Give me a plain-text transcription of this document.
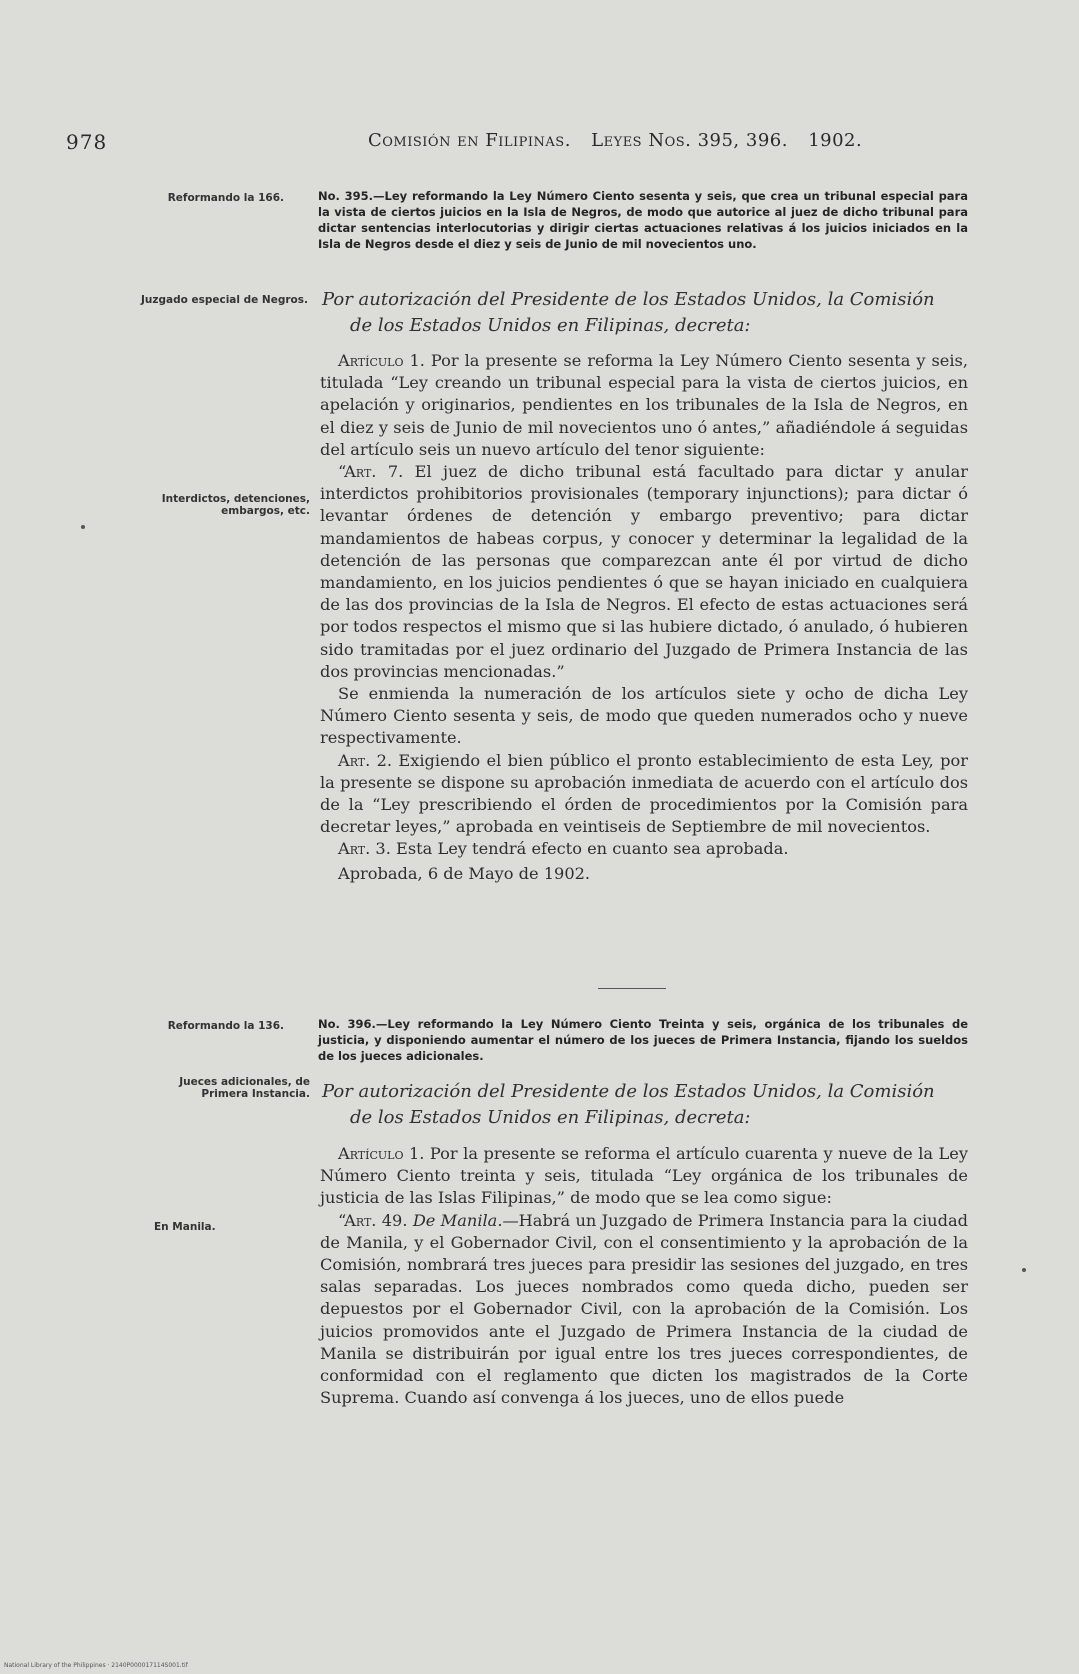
978	Comisión en Filipinas. Leyes Nos. 395, 396. 1902.
Reformando la 166.	No. 395.—Ley reformando la Ley Número Ciento sesenta y seis, que crea un tribunal especial para la vista de ciertos juicios en la Isla de Negros, de modo que autorice al juez de dicho tribunal para dictar sentencias interlocutorias y dirigir ciertas actuaciones relativas á los juicios iniciados en la Isla de Negros desde el diez y seis de Junio de mil novecientos uno.
Juzgado especial de Negros. Por autorización del Presidente de los Estados Unidos, la Comisión
de los Estados Unidos en Filipinas, decreta:
Interdictos, detenciones, embargos, etc.

Artículo 1. Por la presente se reforma la Ley Número Ciento sesenta y seis, titulada “Ley creando un tribunal especial para la vista de ciertos juicios, en apelación y originarios, pendientes en los tribunales de la Isla de Negros, en el diez y seis de Junio de mil novecientos uno ó antes,” añadiéndole á seguidas del artículo seis un nuevo artículo del tenor siguiente:

“Art. 7. El juez de dicho tribunal está facultado para dictar y anular interdictos prohibitorios provisionales (temporary injunctions); para dictar ó levantar órdenes de detención y embargo preventivo; para dictar mandamientos de habeas corpus, y conocer y determinar la legalidad de la detención de las personas que comparezcan ante él por virtud de dicho mandamiento, en los juicios pendientes ó que se hayan iniciado en cualquiera de las dos provincias de la Isla de Negros. El efecto de estas actuaciones será por todos respectos el mismo que si las hubiere dictado, ó anulado, ó hubieren sido tramitadas por el juez ordinario del Juzgado de Primera Instancia de las dos provincias mencionadas.”

Se enmienda la numeración de los artículos siete y ocho de dicha Ley Número Ciento sesenta y seis, de modo que queden numerados ocho y nueve respectivamente.

Art. 2. Exigiendo el bien público el pronto establecimiento de esta Ley, por la presente se dispone su aprobación inmediata de acuerdo con el artículo dos de la “Ley prescribiendo el órden de procedimientos por la Comisión para decretar leyes,” aprobada en veintiseis de Septiembre de mil novecientos.

Art. 3. Esta Ley tendrá efecto en cuanto sea aprobada.

Aprobada, 6 de Mayo de 1902.

Reformando la 136.	No. 396.—Ley reformando la Ley Número Ciento Treinta y seis, orgánica de los tribunales de justicia, y disponiendo aumentar el número de los jueces de Primera Instancia, fijando los sueldos de los jueces adicionales.
Jueces adicionales, de Primera Instancia. Por autorización del Presidente de los Estados Unidos, la Comisión
de los Estados Unidos en Filipinas, decreta:
En Manila.

Artículo 1. Por la presente se reforma el artículo cuarenta y nueve de la Ley Número Ciento treinta y seis, titulada “Ley orgánica de los tribunales de justicia de las Islas Filipinas,” de modo que se lea como sigue:

“Art. 49. De Manila.—Habrá un Juzgado de Primera Instancia para la ciudad de Manila, y el Gobernador Civil, con el consentimiento y la aprobación de la Comisión, nombrará tres jueces para presidir las sesiones del juzgado, en tres salas separadas. Los jueces nombrados como queda dicho, pueden ser depuestos por el Gobernador Civil, con la aprobación de la Comisión. Los juicios promovidos ante el Juzgado de Primera Instancia de la ciudad de Manila se distribuirán por igual entre los tres jueces correspondientes, de conformidad con el reglamento que dicten los magistrados de la Corte Suprema. Cuando así convenga á los jueces, uno de ellos puede

National Library of the Philippines · 2140P000017114S001.tif
